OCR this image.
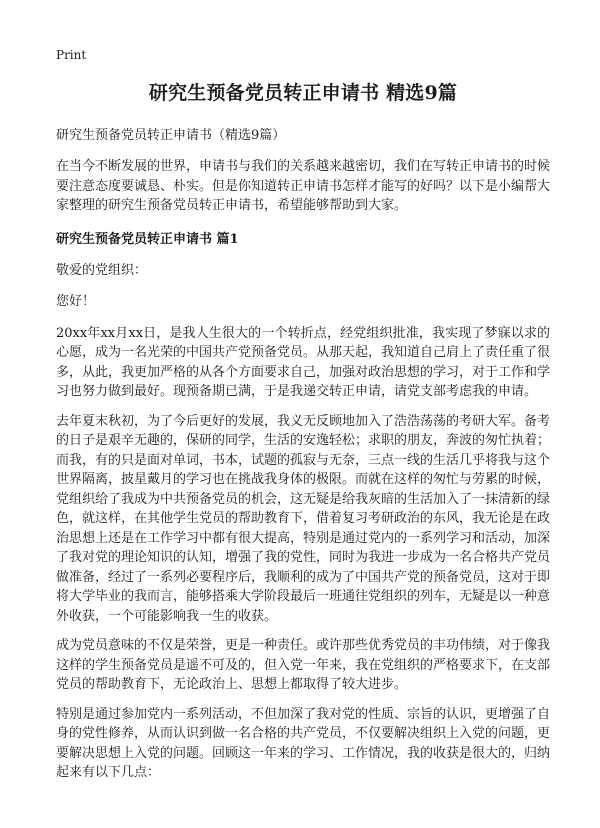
Print
研究生预备党员转正申请书 精选9篇
研究生预备党员转正申请书（精选9篇）

在当今不断发展的世界，申请书与我们的关系越来越密切，我们在写转正申请书的时候要注意态度要诚恳、朴实。但是你知道转正申请书怎样才能写的好吗？以下是小编帮大家整理的研究生预备党员转正申请书，希望能够帮助到大家。

研究生预备党员转正申请书 篇1

敬爱的党组织：

您好！

20xx年xx月xx日，是我人生很大的一个转折点，经党组织批准，我实现了梦寐以求的心愿，成为一名光荣的中国共产党预备党员。从那天起，我知道自己肩上了责任重了很多，从此，我更加严格的从各个方面要求自己，加强对政治思想的学习，对于工作和学习也努力做到最好。现预备期已满，于是我递交转正申请，请党支部考虑我的申请。

去年夏末秋初，为了今后更好的发展，我义无反顾地加入了浩浩荡荡的考研大军。备考的日子是艰辛无趣的，保研的同学，生活的安逸轻松；求职的朋友，奔波的匆忙执着；而我，有的只是面对单词，书本，试题的孤寂与无奈，三点一线的生活几乎将我与这个世界隔离，披星戴月的学习也在挑战我身体的极限。而就在这样的匆忙与劳累的时候，党组织给了我成为中共预备党员的机会，这无疑是给我灰暗的生活加入了一抹清新的绿色，就这样，在其他学生党员的帮助教育下，借着复习考研政治的东风，我无论是在政治思想上还是在工作学习中都有很大提高，特别是通过党内的一系列学习和活动，加深了我对党的理论知识的认知，增强了我的党性，同时为我进一步成为一名合格共产党员做准备，经过了一系列必要程序后，我顺利的成为了中国共产党的预备党员，这对于即将大学毕业的我而言，能够搭乘大学阶段最后一班通往党组织的列车，无疑是以一种意外收获，一个可能影响我一生的收获。

成为党员意味的不仅是荣誉，更是一种责任。或许那些优秀党员的丰功伟绩，对于像我这样的学生预备党员是遥不可及的，但入党一年来，我在党组织的严格要求下，在支部党员的帮助教育下，无论政治上、思想上都取得了较大进步。

特别是通过参加党内一系列活动，不但加深了我对党的性质、宗旨的认识，更增强了自身的党性修养，从而认识到做一名合格的共产党员，不仅要解决组织上入党的问题，更要解决思想上入党的问题。回顾这一年来的学习、工作情况，我的收获是很大的，归纳起来有以下几点：
